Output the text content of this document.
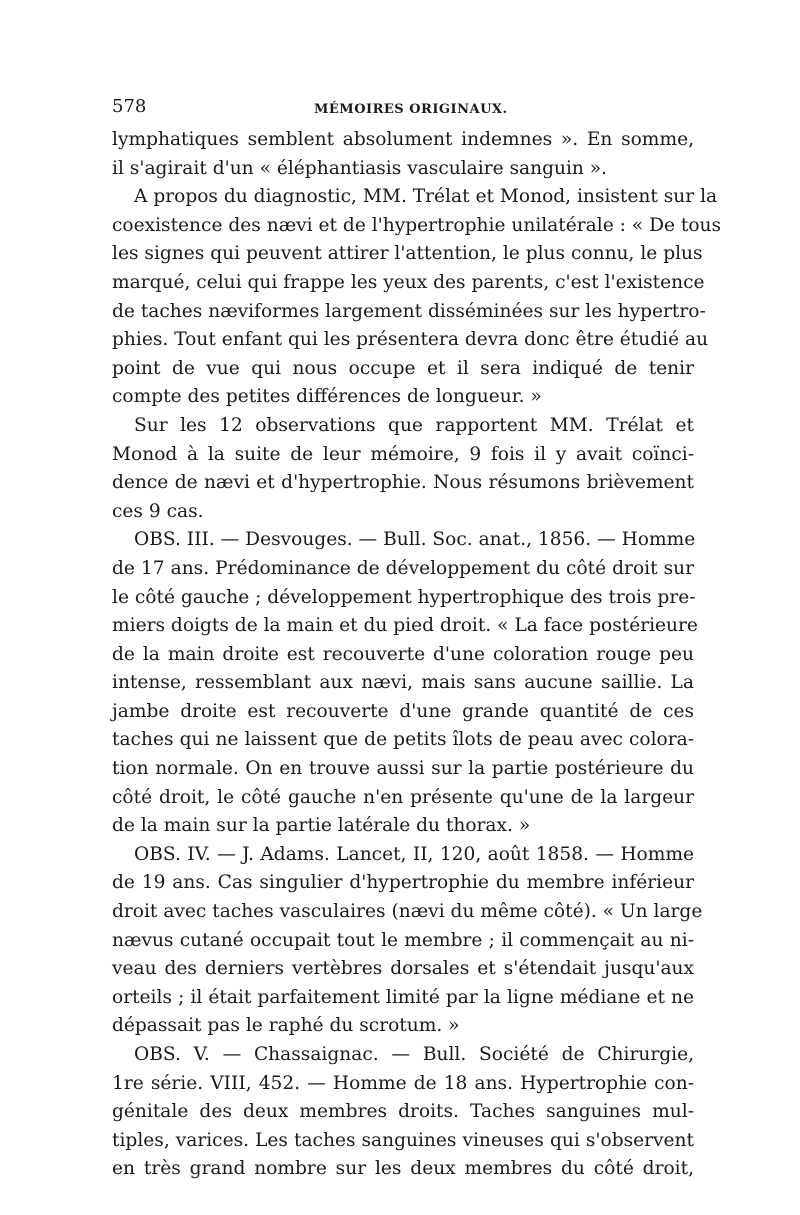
578	MÉMOIRES ORIGINAUX.
lymphatiques semblent absolument indemnes ». En somme,
il s'agirait d'un « éléphantiasis vasculaire sanguin ».
A propos du diagnostic, MM. Trélat et Monod, insistent sur la
coexistence des nævi et de l'hypertrophie unilatérale : « De tous
les signes qui peuvent attirer l'attention, le plus connu, le plus
marqué, celui qui frappe les yeux des parents, c'est l'existence
de taches næviformes largement disséminées sur les hypertro-
phies. Tout enfant qui les présentera devra donc être étudié au
point de vue qui nous occupe et il sera indiqué de tenir
compte des petites différences de longueur. »
Sur les 12 observations que rapportent MM. Trélat et
Monod à la suite de leur mémoire, 9 fois il y avait coïnci-
dence de nævi et d'hypertrophie. Nous résumons brièvement
ces 9 cas.
OBS. III. — Desvouges. — Bull. Soc. anat., 1856. — Homme
de 17 ans. Prédominance de développement du côté droit sur
le côté gauche ; développement hypertrophique des trois pre-
miers doigts de la main et du pied droit. « La face postérieure
de la main droite est recouverte d'une coloration rouge peu
intense, ressemblant aux nævi, mais sans aucune saillie. La
jambe droite est recouverte d'une grande quantité de ces
taches qui ne laissent que de petits îlots de peau avec colora-
tion normale. On en trouve aussi sur la partie postérieure du
côté droit, le côté gauche n'en présente qu'une de la largeur
de la main sur la partie latérale du thorax. »
OBS. IV. — J. Adams. Lancet, II, 120, août 1858. — Homme
de 19 ans. Cas singulier d'hypertrophie du membre inférieur
droit avec taches vasculaires (nævi du même côté). « Un large
nævus cutané occupait tout le membre ; il commençait au ni-
veau des derniers vertèbres dorsales et s'étendait jusqu'aux
orteils ; il était parfaitement limité par la ligne médiane et ne
dépassait pas le raphé du scrotum. »
OBS. V. — Chassaignac. — Bull. Société de Chirurgie,
1re série. VIII, 452. — Homme de 18 ans. Hypertrophie con-
génitale des deux membres droits. Taches sanguines mul-
tiples, varices. Les taches sanguines vineuses qui s'observent
en très grand nombre sur les deux membres du côté droit,
